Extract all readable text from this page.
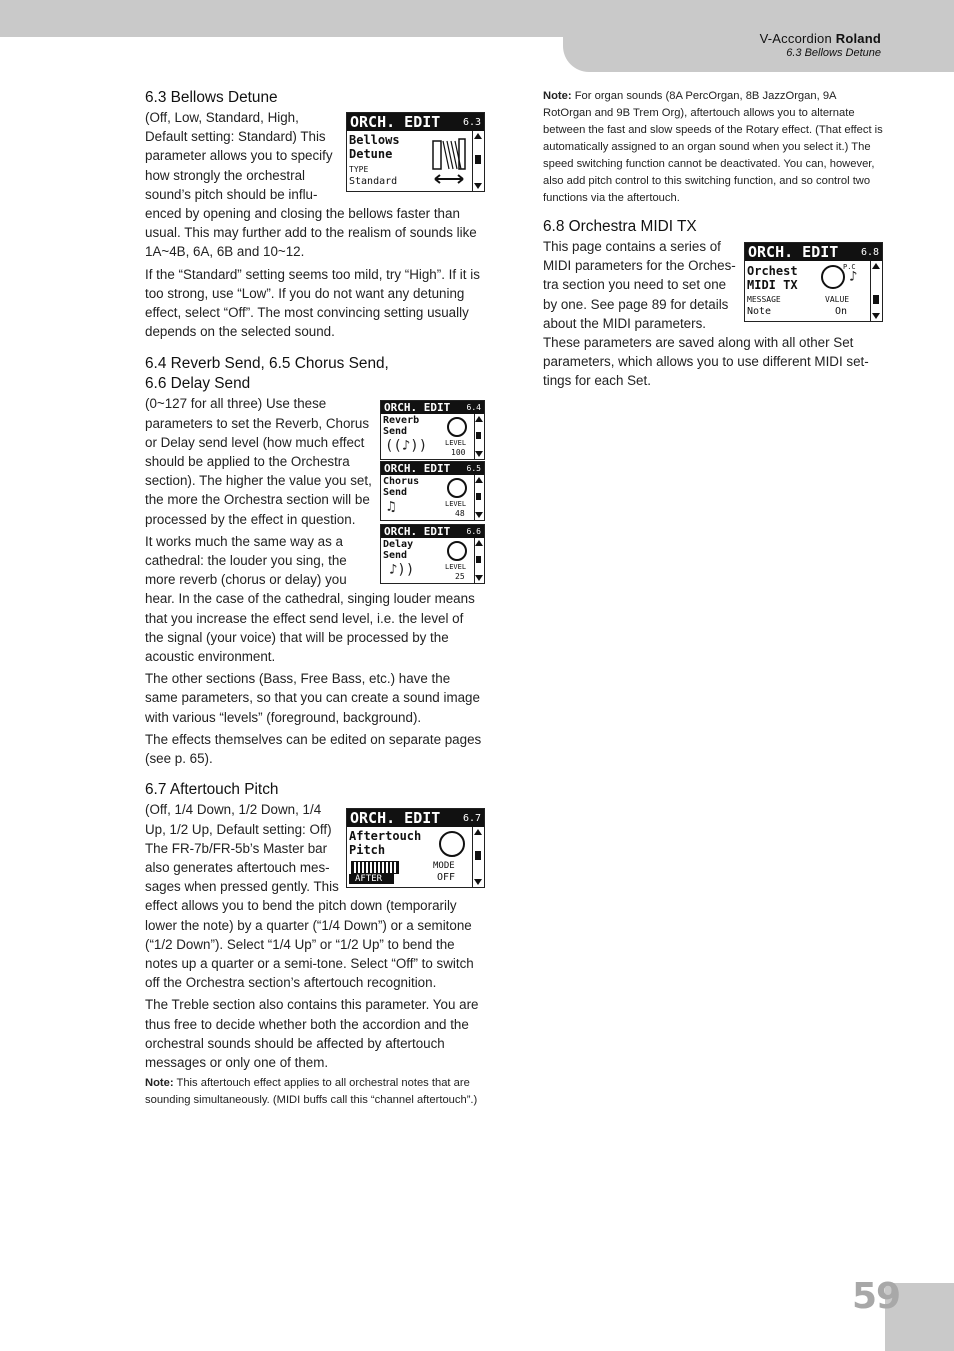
V-Accordion Roland
6.3 Bellows Detune
6.3 Bellows Detune

(Off, Low, Standard, High, Default setting: Standard) This parameter allows you to specify how strongly the orchestral sound’s pitch should be influ-

enced by opening and closing the bellows faster than usual. This may further add to the realism of sounds like 1A~4B, 6A, 6B and 10~12.

If the “Standard” setting seems too mild, try “High”. If it is too strong, use “Low”. If you do not want any detuning effect, select “Off”. The most convincing setting usually depends on the selected sound.

6.4 Reverb Send, 6.5 Chorus Send,
6.6 Delay Send

(0~127 for all three) Use these parameters to set the Reverb, Chorus or Delay send level (how much effect should be applied to the Orchestra section). The higher the value you set, the more the Orchestra section will be processed by the effect in question.

It works much the same way as a cathedral: the louder you sing, the more reverb (chorus or delay) you

hear. In the case of the cathedral, singing louder means that you increase the effect send level, i.e. the level of the signal (your voice) that will be processed by the acoustic environment.

The other sections (Bass, Free Bass, etc.) have the same parameters, so that you can create a sound image with various “levels” (foreground, background).

The effects themselves can be edited on separate pages (see p. 65).

6.7 Aftertouch Pitch

(Off, 1/4 Down, 1/2 Down, 1/4 Up, 1/2 Up, Default setting: Off) The FR-7b/FR-5b’s Master bar also generates aftertouch messages when pressed gently. This

effect allows you to bend the pitch down (temporarily lower the note) by a quarter (“1/4 Down”) or a semitone (“1/2 Down”). Select “1/4 Up” or “1/2 Up” to bend the notes up a quarter or a semi-tone. Select “Off” to switch off the Orchestra section’s aftertouch recognition.

The Treble section also contains this parameter. You are thus free to decide whether both the accordion and the orchestral sounds should be affected by aftertouch messages or only one of them.

Note: This aftertouch effect applies to all orchestral notes that are sounding simultaneously. (MIDI buffs call this “channel aftertouch”.)

Note: For organ sounds (8A PercOrgan, 8B JazzOrgan, 9A RotOrgan and 9B Trem Org), aftertouch allows you to alternate between the fast and slow speeds of the Rotary effect. (That effect is automatically assigned to an organ sound when you select it.) The speed switching function cannot be deactivated. You can, however, also add pitch control to this switching function, and so control two functions via the aftertouch.

6.8 Orchestra MIDI TX

This page contains a series of MIDI parameters for the Orchestra section you need to set one by one. See page 89 for details about the MIDI parameters.

These parameters are saved along with all other Set parameters, which allows you to use different MIDI settings for each Set.

ORCH. EDIT 6.3
Bellows
Detune
TYPE
Standard
ORCH. EDIT 6.4
Reverb
Send
((♪))	LEVEL
100
ORCH. EDIT 6.5
Chorus
Send
♫	LEVEL
48
ORCH. EDIT 6.6
Delay
Send
♪))	LEVEL
25
ORCH. EDIT 6.7
Aftertouch
Pitch
AFTER
MODE
OFF
ORCH. EDIT 6.8
Orchest
MIDI TX
P.C
♪
MESSAGE
Note
VALUE
On
59
